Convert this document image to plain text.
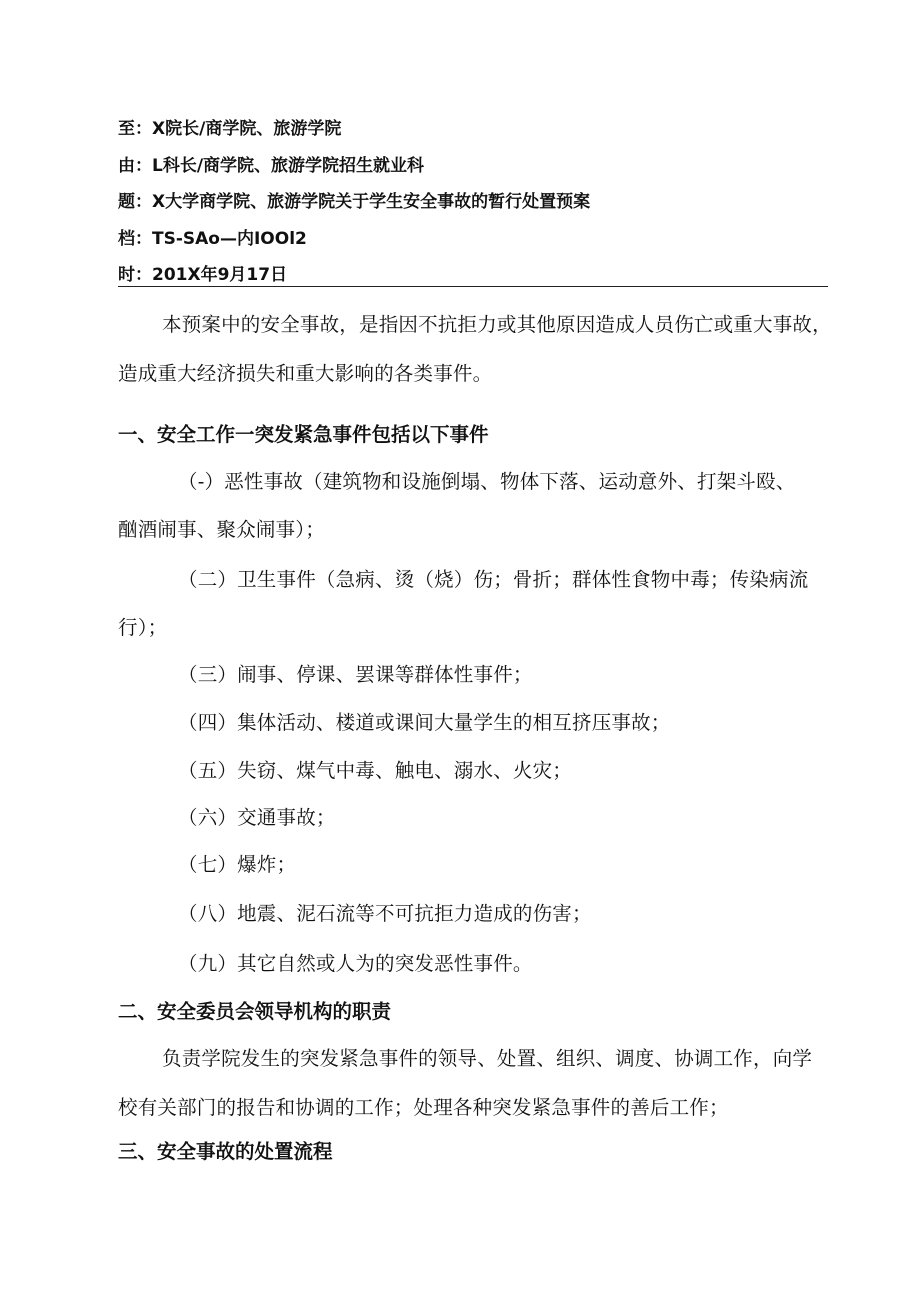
至：X院长/商学院、旅游学院
由：L科长/商学院、旅游学院招生就业科
题：X大学商学院、旅游学院关于学生安全事故的暂行处置预案
档：TS-SAo—内IOOl2
时：201X年9月17日
本预案中的安全事故，是指因不抗拒力或其他原因造成人员伤亡或重大事故，
造成重大经济损失和重大影响的各类事件。
一、安全工作一突发紧急事件包括以下事件
（-）恶性事故（建筑物和设施倒塌、物体下落、运动意外、打架斗殴、
酗酒闹事、聚众闹事）；
（二）卫生事件（急病、烫（烧）伤；骨折；群体性食物中毒；传染病流
行）；
（三）闹事、停课、罢课等群体性事件；
（四）集体活动、楼道或课间大量学生的相互挤压事故；
（五）失窃、煤气中毒、触电、溺水、火灾；
（六）交通事故；
（七）爆炸；
（八）地震、泥石流等不可抗拒力造成的伤害；
（九）其它自然或人为的突发恶性事件。
二、安全委员会领导机构的职责
负责学院发生的突发紧急事件的领导、处置、组织、调度、协调工作，向学
校有关部门的报告和协调的工作；处理各种突发紧急事件的善后工作；
三、安全事故的处置流程
